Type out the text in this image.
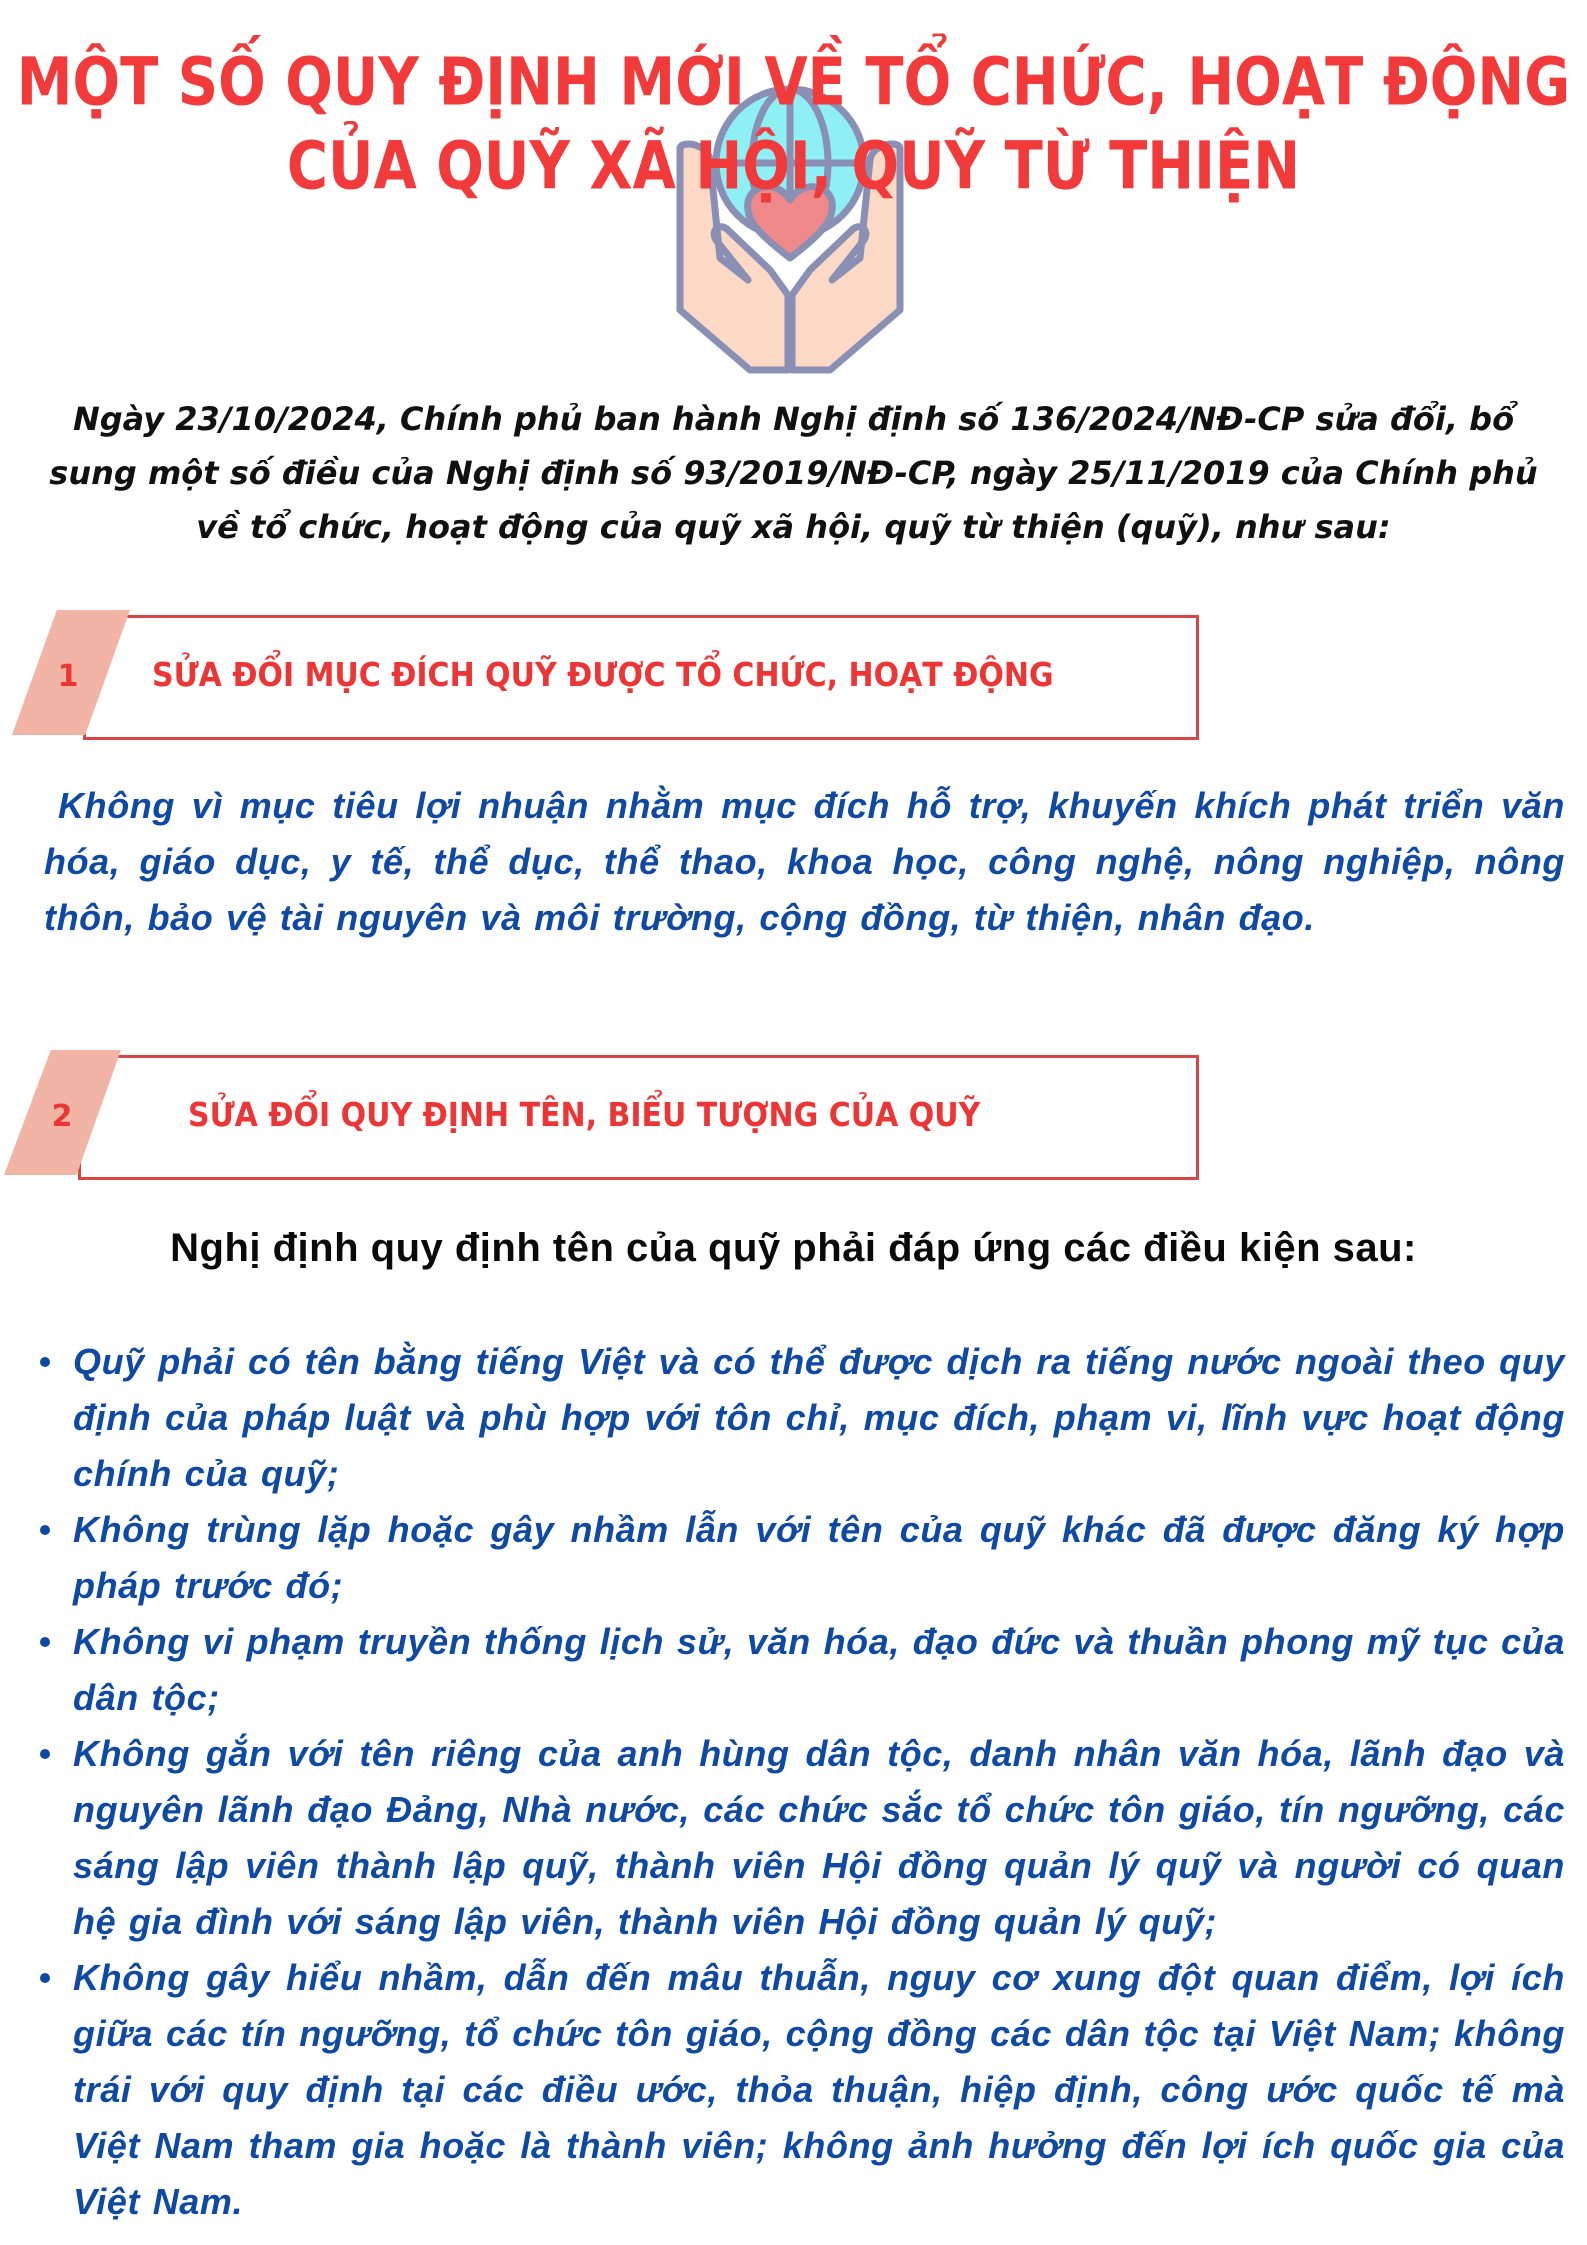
MỘT SỐ QUY ĐỊNH MỚI VỀ TỔ CHỨC, HOẠT ĐỘNG
CỦA QUỸ XÃ HỘI, QUỸ TỪ THIỆN

Ngày 23/10/2024, Chính phủ ban hành Nghị định số 136/2024/NĐ-CP sửa đổi, bổ sung một số điều của Nghị định số 93/2019/NĐ-CP, ngày 25/11/2019 của Chính phủ về tổ chức, hoạt động của quỹ xã hội, quỹ từ thiện (quỹ), như sau:

1	SỬA ĐỔI MỤC ĐÍCH QUỸ ĐƯỢC TỔ CHỨC, HOẠT ĐỘNG

Không vì mục tiêu lợi nhuận nhằm mục đích hỗ trợ, khuyến khích phát triển văn hóa, giáo dục, y tế, thể dục, thể thao, khoa học, công nghệ, nông nghiệp, nông thôn, bảo vệ tài nguyên và môi trường, cộng đồng, từ thiện, nhân đạo.

2	SỬA ĐỔI QUY ĐỊNH TÊN, BIỂU TƯỢNG CỦA QUỸ

Nghị định quy định tên của quỹ phải đáp ứng các điều kiện sau:

Quỹ phải có tên bằng tiếng Việt và có thể được dịch ra tiếng nước ngoài theo quy định của pháp luật và phù hợp với tôn chỉ, mục đích, phạm vi, lĩnh vực hoạt động chính của quỹ;
Không trùng lặp hoặc gây nhầm lẫn với tên của quỹ khác đã được đăng ký hợp pháp trước đó;
Không vi phạm truyền thống lịch sử, văn hóa, đạo đức và thuần phong mỹ tục của dân tộc;
Không gắn với tên riêng của anh hùng dân tộc, danh nhân văn hóa, lãnh đạo và nguyên lãnh đạo Đảng, Nhà nước, các chức sắc tổ chức tôn giáo, tín ngưỡng, các sáng lập viên thành lập quỹ, thành viên Hội đồng quản lý quỹ và người có quan hệ gia đình với sáng lập viên, thành viên Hội đồng quản lý quỹ;
Không gây hiểu nhầm, dẫn đến mâu thuẫn, nguy cơ xung đột quan điểm, lợi ích giữa các tín ngưỡng, tổ chức tôn giáo, cộng đồng các dân tộc tại Việt Nam; không trái với quy định tại các điều ước, thỏa thuận, hiệp định, công ước quốc tế mà Việt Nam tham gia hoặc là thành viên; không ảnh hưởng đến lợi ích quốc gia của Việt Nam.
